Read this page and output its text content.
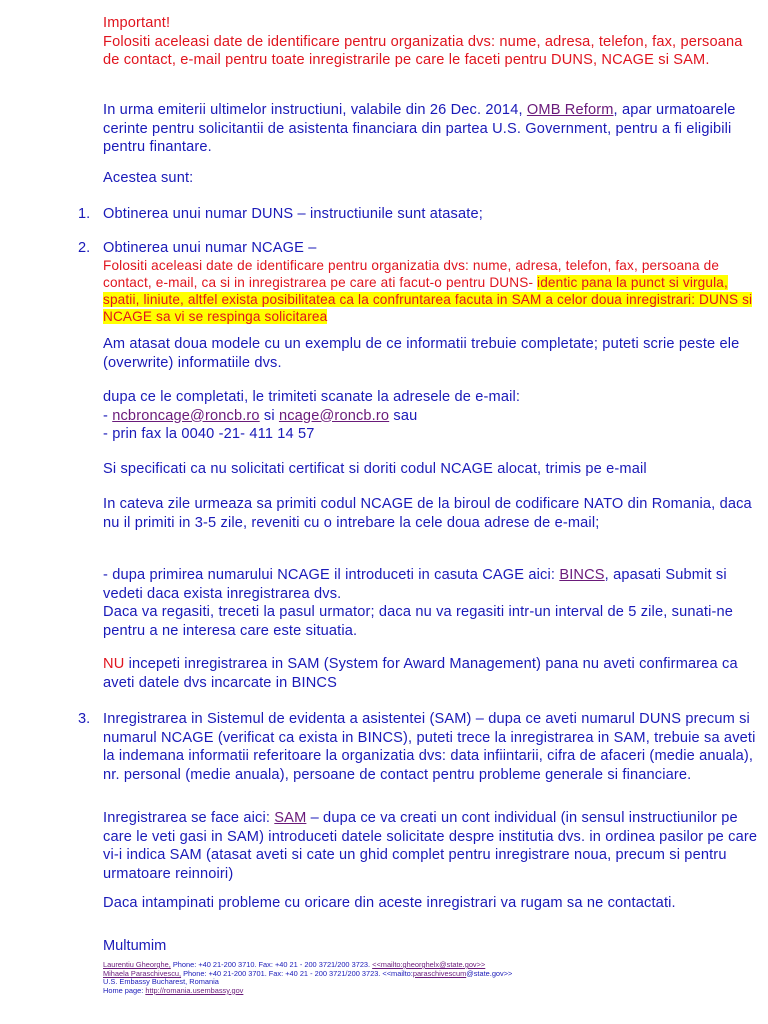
Important!
Folositi aceleasi date de identificare pentru organizatia dvs: nume, adresa, telefon, fax, persoana de contact, e-mail pentru toate inregistrarile pe care le faceti pentru DUNS, NCAGE si SAM.
In urma emiterii ultimelor instructiuni, valabile din 26 Dec. 2014, OMB Reform, apar urmatoarele cerinte pentru solicitantii de asistenta financiara din partea U.S. Government, pentru a fi eligibili pentru finantare.
Acestea sunt:
1. Obtinerea unui numar DUNS – instructiunile sunt atasate;
2. Obtinerea unui numar NCAGE –
Folositi aceleasi date de identificare pentru organizatia dvs: nume, adresa, telefon, fax, persoana de contact, e-mail, ca si in inregistrarea pe care ati facut-o pentru DUNS- identic pana la punct si virgula, spatii, liniute, altfel exista posibilitatea ca la confruntarea facuta in SAM a celor doua inregistrari: DUNS si NCAGE sa vi se respinga solicitarea
Am atasat doua modele cu un exemplu de ce informatii trebuie completate; puteti scrie peste ele (overwrite) informatiile dvs.
dupa ce le completati, le trimiteti scanate la adresele de e-mail:
- ncbroncage@roncb.ro si ncage@roncb.ro sau
- prin fax la 0040 -21- 411 14 57
Si specificati ca nu solicitati certificat si doriti codul NCAGE alocat, trimis pe e-mail
In cateva zile urmeaza sa primiti codul NCAGE de la biroul de codificare NATO din Romania, daca nu il primiti in 3-5 zile, reveniti cu o intrebare la cele doua adrese de e-mail;
- dupa primirea numarului NCAGE il introduceti in casuta CAGE aici: BINCS, apasati Submit si vedeti daca exista inregistrarea dvs.
Daca va regasiti, treceti la pasul urmator; daca nu va regasiti intr-un interval de 5 zile, sunati-ne pentru a ne interesa care este situatia.
NU incepeti inregistrarea in SAM (System for Award Management) pana nu aveti confirmarea ca aveti datele dvs incarcate in BINCS
3. Inregistrarea in Sistemul de evidenta a asistentei (SAM) – dupa ce aveti numarul DUNS precum si numarul NCAGE (verificat ca exista in BINCS), puteti trece la inregistrarea in SAM, trebuie sa aveti la indemana informatii referitoare la organizatia dvs: data infiintarii, cifra de afaceri (medie anuala), nr. personal (medie anuala), persoane de contact pentru probleme generale si financiare.
Inregistrarea se face aici: SAM – dupa ce va creati un cont individual (in sensul instructiunilor pe care le veti gasi in SAM) introduceti datele solicitate despre institutia dvs. in ordinea pasilor pe care vi-i indica SAM (atasat aveti si cate un ghid complet pentru inregistrare noua, precum si pentru urmatoare reinnoiri)
Daca intampinati probleme cu oricare din aceste inregistrari va rugam sa ne contactati.
Multumim
Laurentiu Gheorghe, Phone: +40 21-200 3710. Fax: +40 21 - 200 3721/200 3723. <<mailto:gheorghelx@state.gov>>
Mihaela Paraschivescu, Phone: +40 21-200 3701. Fax: +40 21 - 200 3721/200 3723. <<mailto:paraschivescum@state.gov>>
U.S. Embassy Bucharest, Romania
Home page: http://romania.usembassy.gov
